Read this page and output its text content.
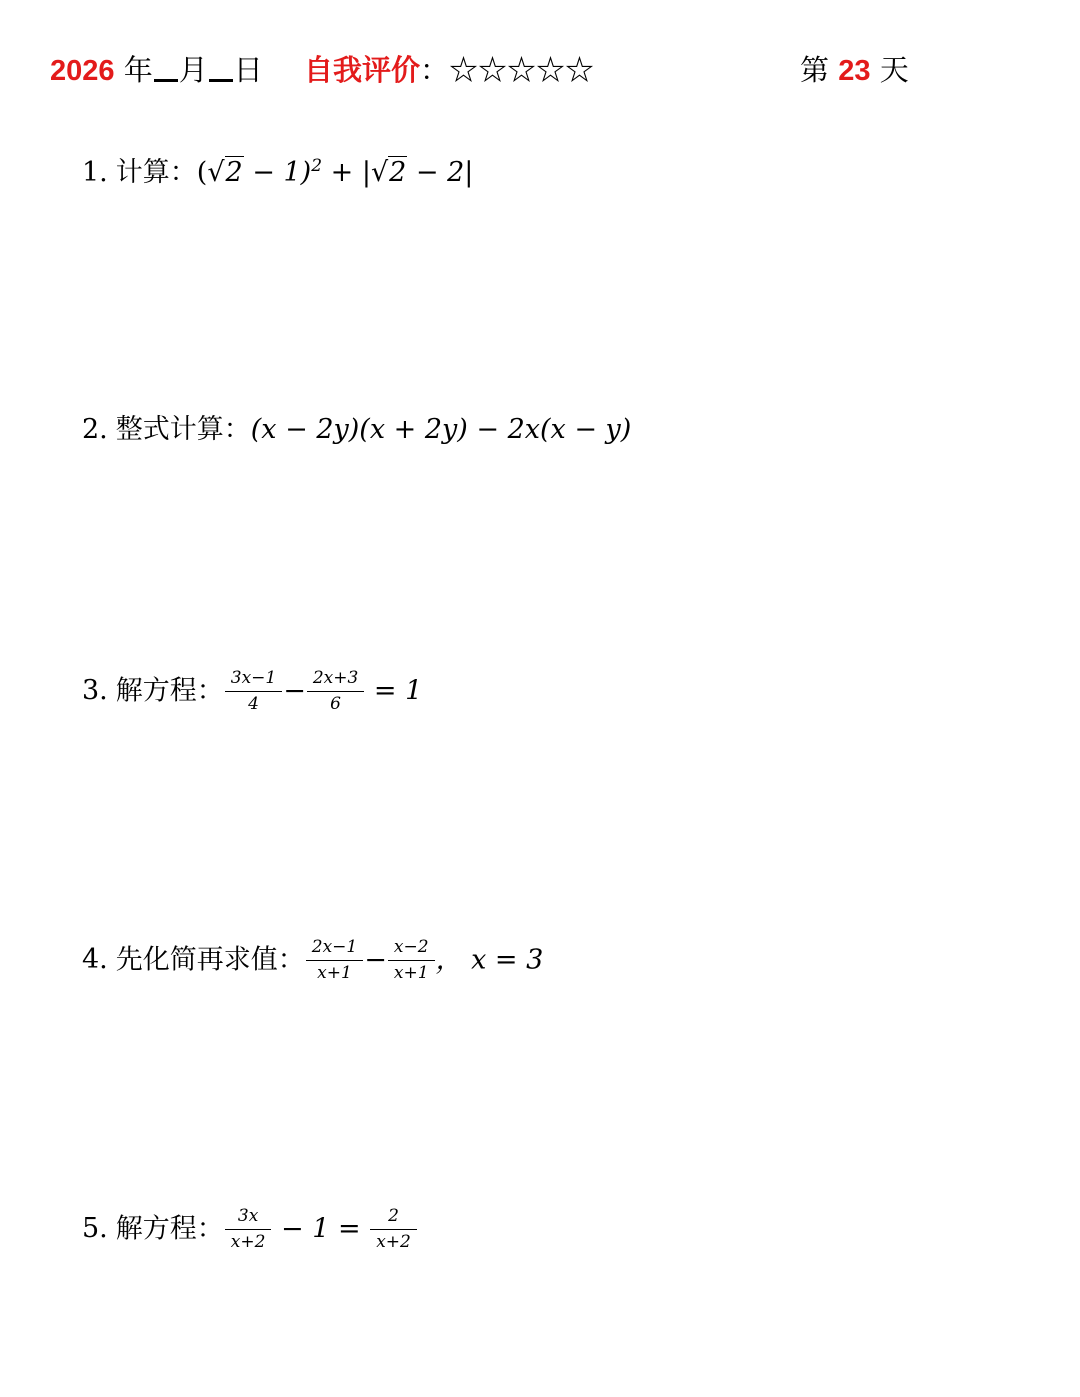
2026 年 月 日 自我评价：☆☆☆☆☆	第 23 天
1. 计算：$(√2 - 1)^2 + |√2 - 2|$
2. 整式计算：(x − 2y)(x + 2y) − 2x(x − y)
3. 解方程： $\frac{3x-1}{4} - \frac{2x+3}{6} = 1$
4. 先化简再求值： $\frac{2x-1}{x+1} - \frac{x-2}{x+1}$ ， x = 3
5. 解方程： $\frac{3x}{x+2} - 1 = \frac{2}{x+2}$
